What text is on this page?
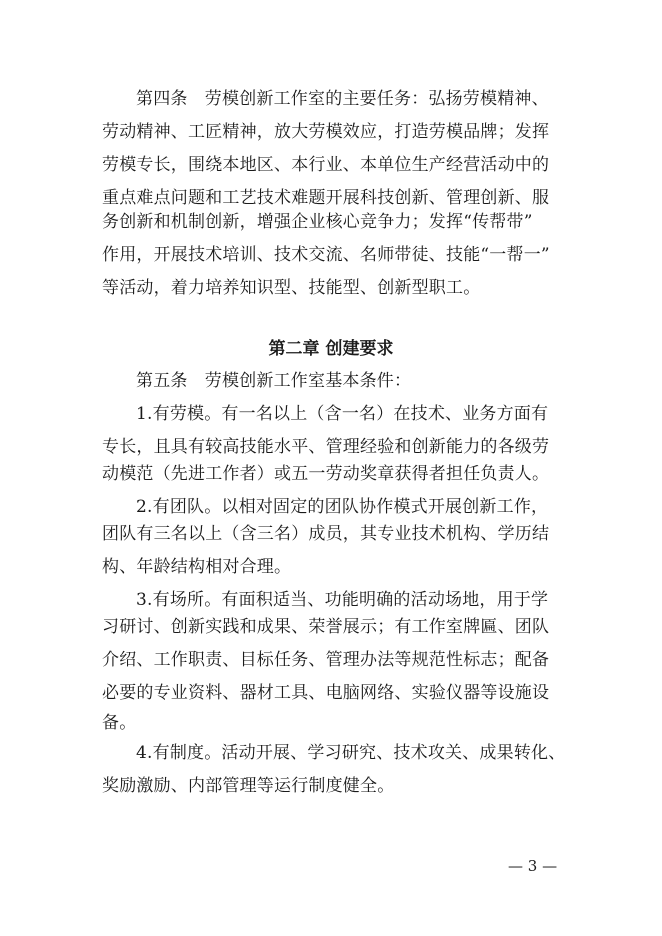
第四条　劳模创新工作室的主要任务：弘扬劳模精神、
劳动精神、工匠精神，放大劳模效应，打造劳模品牌；发挥
劳模专长，围绕本地区、本行业、本单位生产经营活动中的
重点难点问题和工艺技术难题开展科技创新、管理创新、服
务创新和机制创新，增强企业核心竞争力；发挥“传帮带”
作用，开展技术培训、技术交流、名师带徒、技能“一帮一”
等活动，着力培养知识型、技能型、创新型职工。
第二章 创建要求
第五条　劳模创新工作室基本条件：
1.有劳模。有一名以上（含一名）在技术、业务方面有
专长，且具有较高技能水平、管理经验和创新能力的各级劳
动模范（先进工作者）或五一劳动奖章获得者担任负责人。
2.有团队。以相对固定的团队协作模式开展创新工作，
团队有三名以上（含三名）成员，其专业技术机构、学历结
构、年龄结构相对合理。
3.有场所。有面积适当、功能明确的活动场地，用于学
习研讨、创新实践和成果、荣誉展示；有工作室牌匾、团队
介绍、工作职责、目标任务、管理办法等规范性标志；配备
必要的专业资料、器材工具、电脑网络、实验仪器等设施设
备。
4.有制度。活动开展、学习研究、技术攻关、成果转化、
奖励激励、内部管理等运行制度健全。
— 3 —
